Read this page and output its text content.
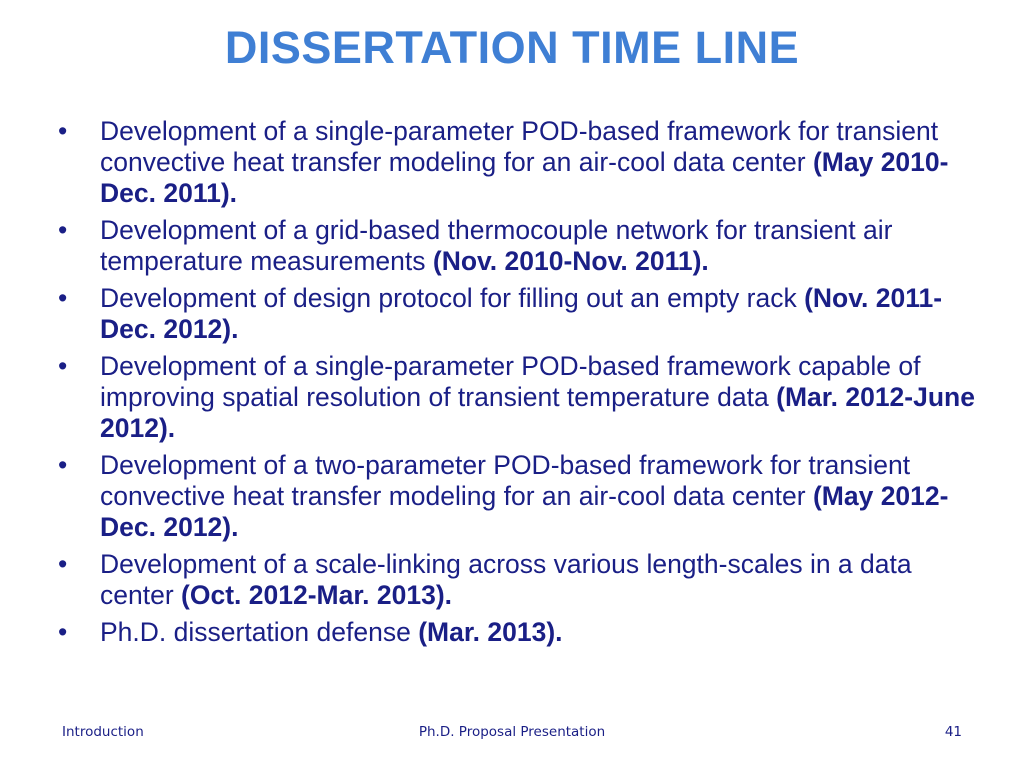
DISSERTATION TIME LINE
•	Development of a single-parameter POD-based framework for transient convective heat transfer modeling for an air-cool data center (May 2010-Dec. 2011).
•	Development of a grid-based thermocouple network for transient air temperature measurements (Nov. 2010-Nov. 2011).
•	Development of design protocol for filling out an empty rack (Nov. 2011-Dec. 2012).
•	Development of a single-parameter POD-based framework capable of improving spatial resolution of transient temperature data (Mar. 2012-June 2012).
•	Development of a two-parameter POD-based framework for transient convective heat transfer modeling for an air-cool data center (May 2012-Dec. 2012).
•	Development of a scale-linking across various length-scales in a data center (Oct. 2012-Mar. 2013).
•	Ph.D. dissertation defense (Mar. 2013).
Ph.D. Proposal Presentation
Introduction	41
